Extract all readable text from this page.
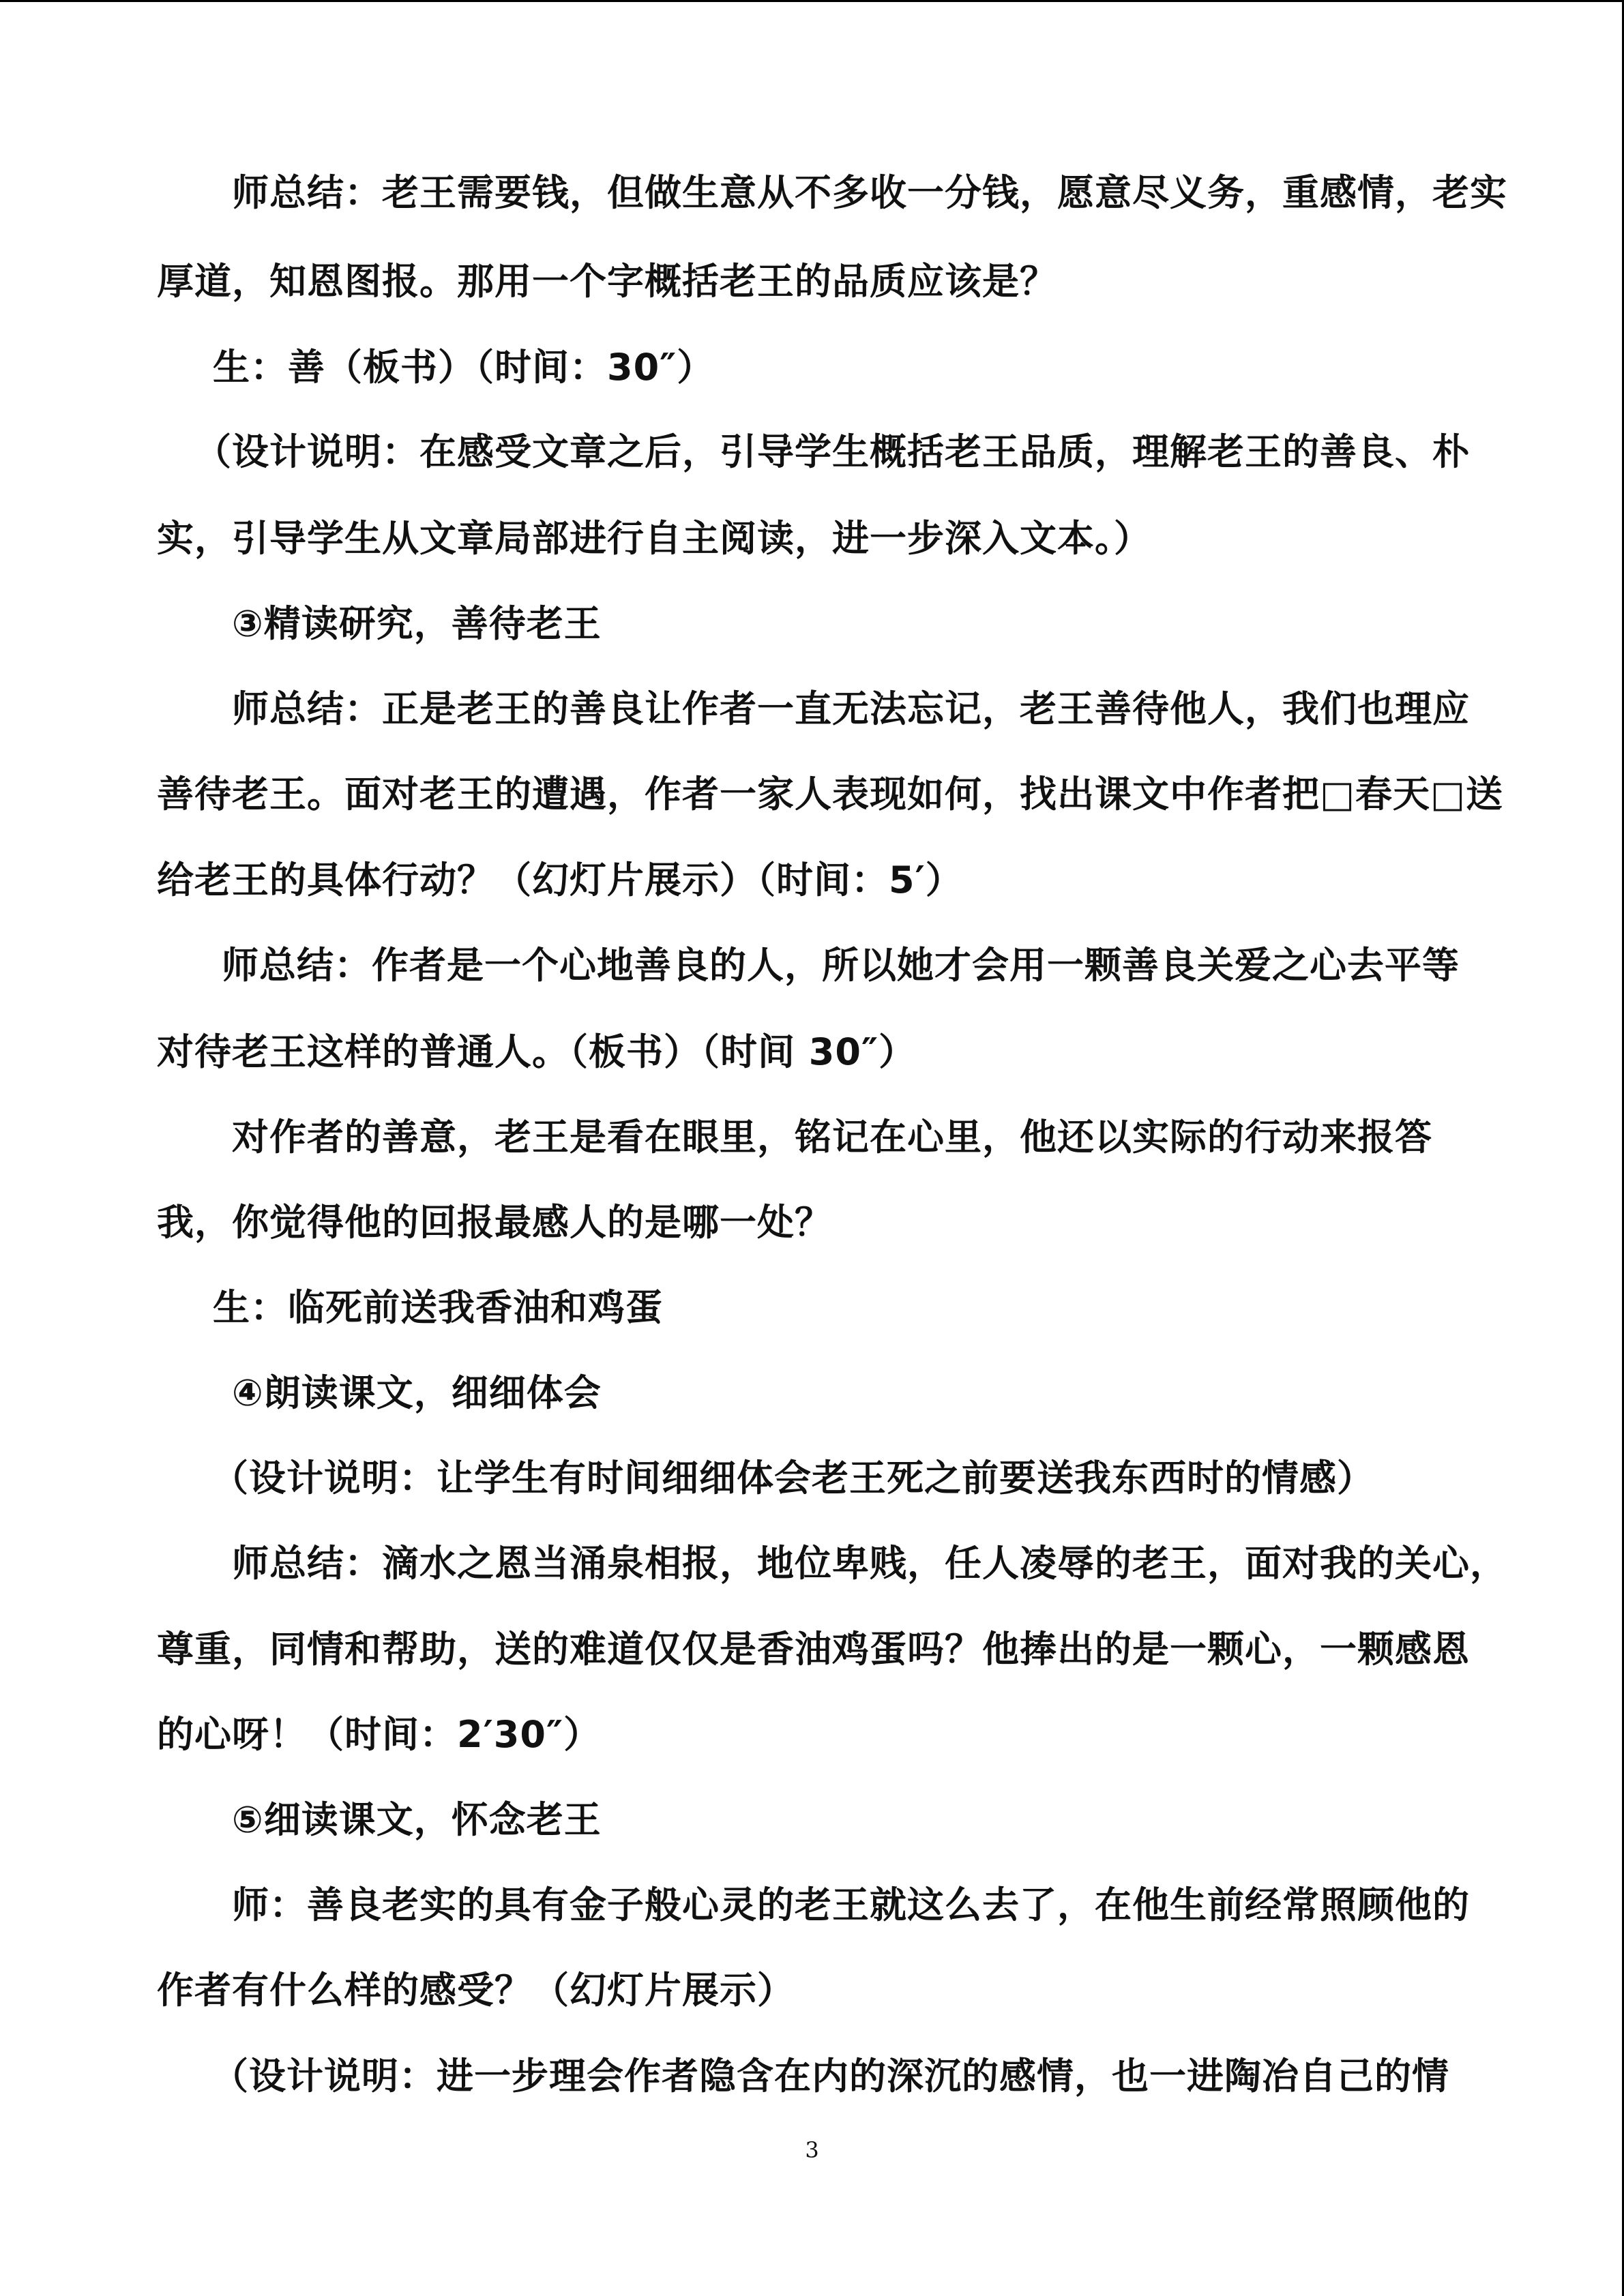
师总结：老王需要钱，但做生意从不多收一分钱，愿意尽义务，重感情，老实
厚道，知恩图报。那用一个字概括老王的品质应该是？
生：善（板书）（时间：30″）
（设计说明：在感受文章之后，引导学生概括老王品质，理解老王的善良、朴
实，引导学生从文章局部进行自主阅读，进一步深入文本。）
③精读研究，善待老王
师总结：正是老王的善良让作者一直无法忘记，老王善待他人，我们也理应
善待老王。面对老王的遭遇，作者一家人表现如何，找出课文中作者把□春天□送
给老王的具体行动？（幻灯片展示）（时间：5′）
师总结：作者是一个心地善良的人，所以她才会用一颗善良关爱之心去平等
对待老王这样的普通人。（板书）（时间 30″）
对作者的善意，老王是看在眼里，铭记在心里，他还以实际的行动来报答
我，你觉得他的回报最感人的是哪一处？
生：临死前送我香油和鸡蛋
④朗读课文，细细体会
（设计说明：让学生有时间细细体会老王死之前要送我东西时的情感）
师总结：滴水之恩当涌泉相报，地位卑贱，任人凌辱的老王，面对我的关心，
尊重，同情和帮助，送的难道仅仅是香油鸡蛋吗？他捧出的是一颗心，一颗感恩
的心呀！（时间：2′30″）
⑤细读课文，怀念老王
师：善良老实的具有金子般心灵的老王就这么去了，在他生前经常照顾他的
作者有什么样的感受？（幻灯片展示）
（设计说明：进一步理会作者隐含在内的深沉的感情，也一进陶冶自己的情
3
